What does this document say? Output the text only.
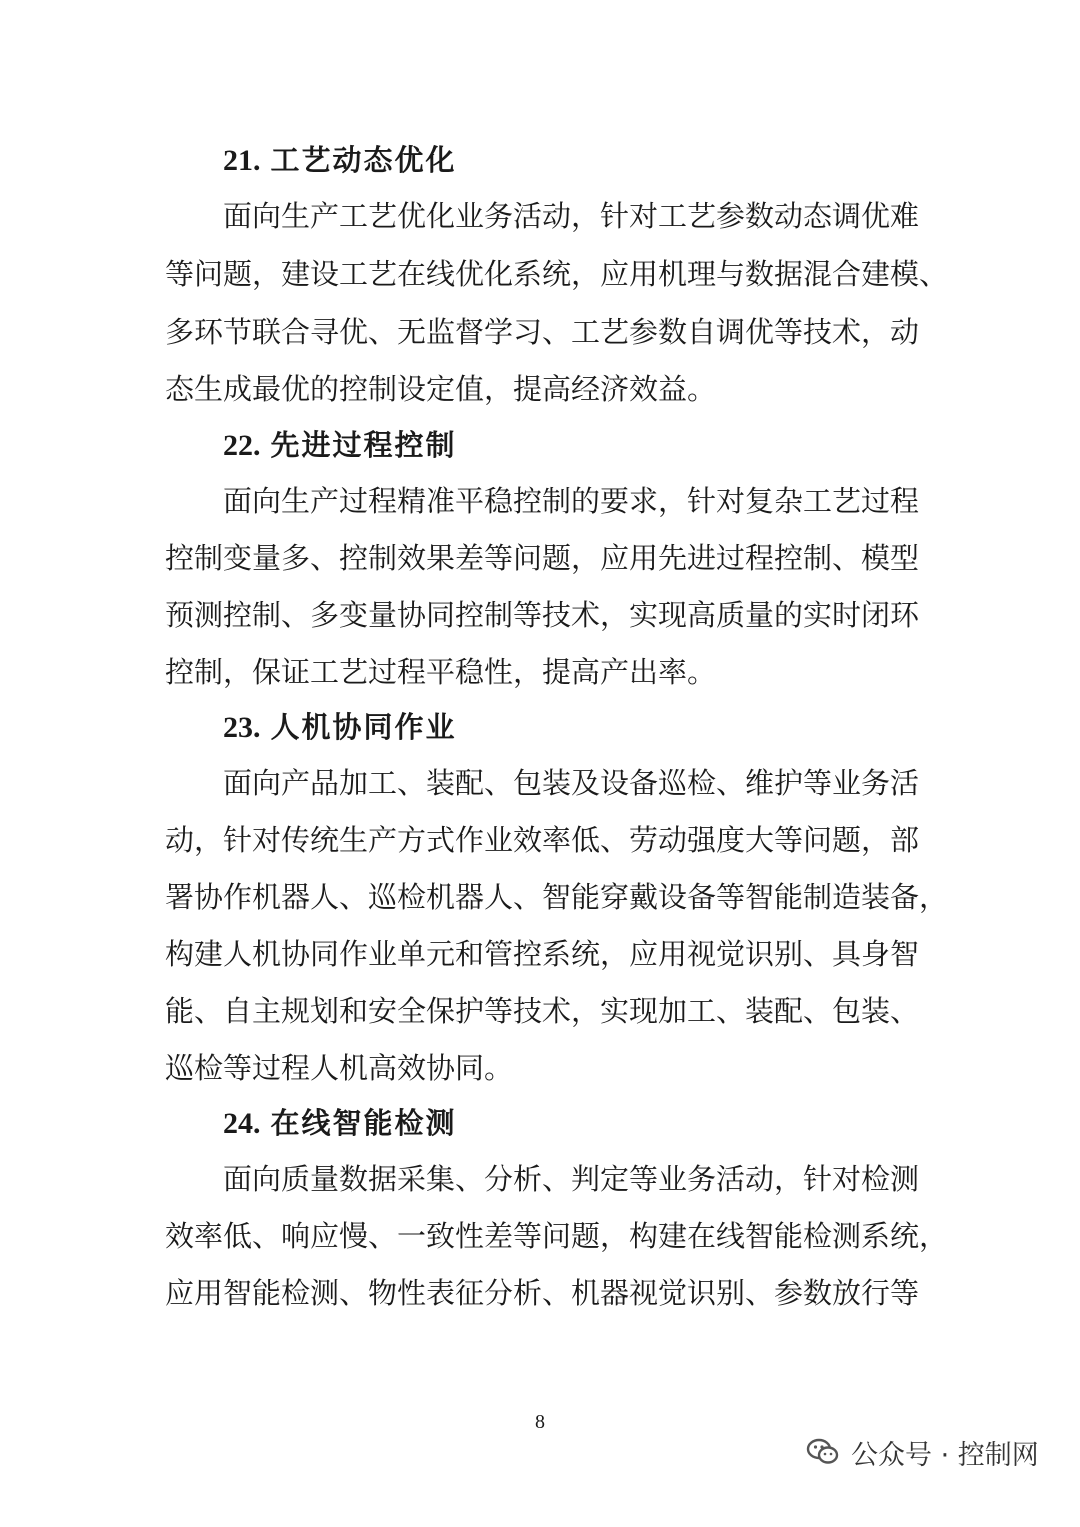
21. 工艺动态优化
面向生产工艺优化业务活动，针对工艺参数动态调优难
等问题，建设工艺在线优化系统，应用机理与数据混合建模、
多环节联合寻优、无监督学习、工艺参数自调优等技术，动
态生成最优的控制设定值，提高经济效益。
22. 先进过程控制
面向生产过程精准平稳控制的要求，针对复杂工艺过程
控制变量多、控制效果差等问题，应用先进过程控制、模型
预测控制、多变量协同控制等技术，实现高质量的实时闭环
控制，保证工艺过程平稳性，提高产出率。
23. 人机协同作业
面向产品加工、装配、包装及设备巡检、维护等业务活
动，针对传统生产方式作业效率低、劳动强度大等问题，部
署协作机器人、巡检机器人、智能穿戴设备等智能制造装备，
构建人机协同作业单元和管控系统，应用视觉识别、具身智
能、自主规划和安全保护等技术，实现加工、装配、包装、
巡检等过程人机高效协同。
24. 在线智能检测
面向质量数据采集、分析、判定等业务活动，针对检测
效率低、响应慢、一致性差等问题，构建在线智能检测系统，
应用智能检测、物性表征分析、机器视觉识别、参数放行等
8
公众号 · 控制网
